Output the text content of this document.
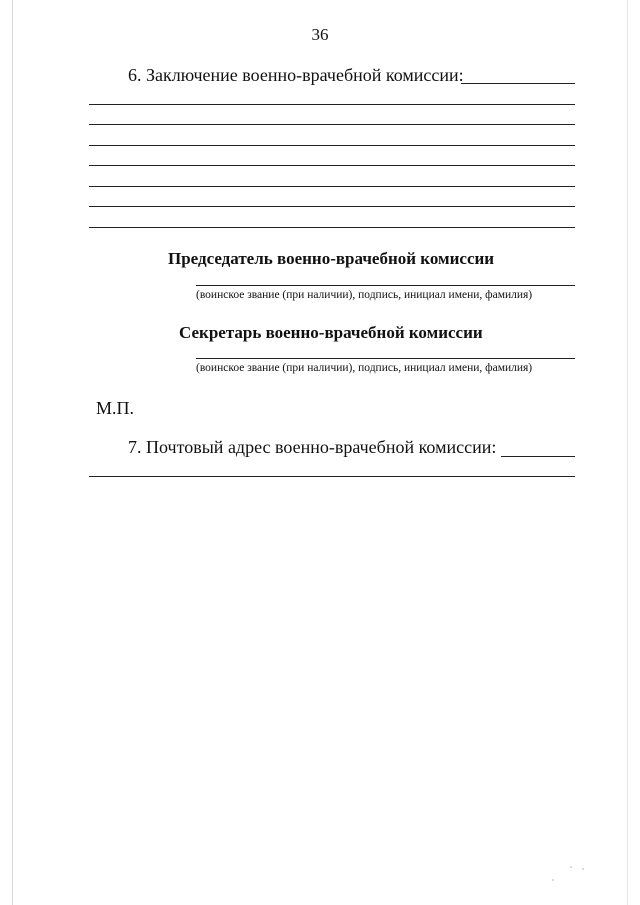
36
6. Заключение военно-врачебной комиссии:
Председатель военно-врачебной комиссии
(воинское звание (при наличии), подпись, инициал имени, фамилия)
Секретарь военно-врачебной комиссии
(воинское звание (при наличии), подпись, инициал имени, фамилия)
М.П.
7. Почтовый адрес военно-врачебной комиссии:
